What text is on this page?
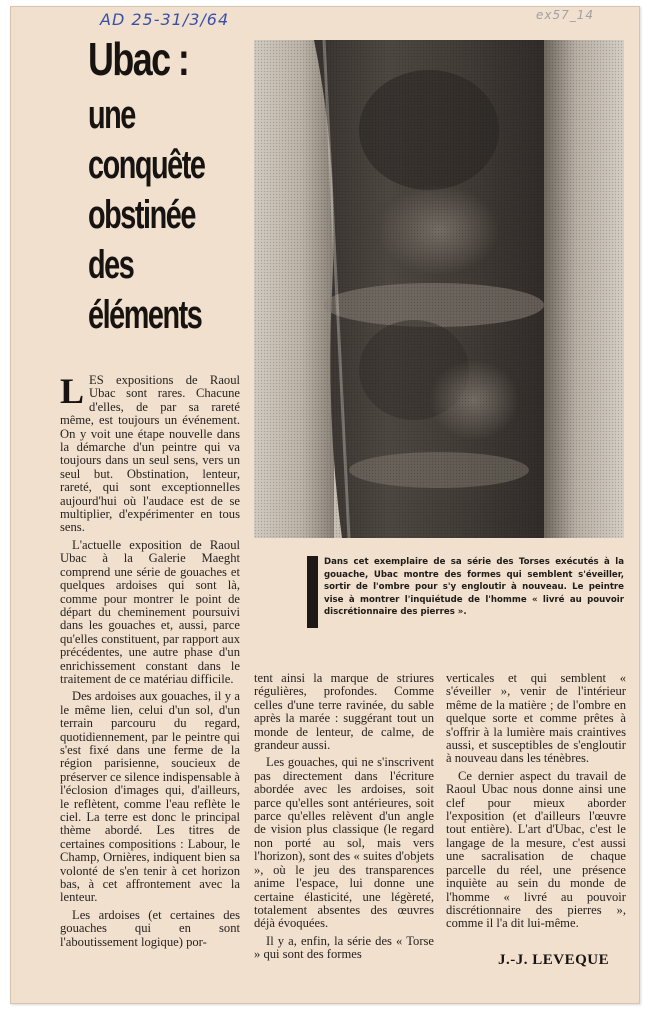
AD 25-31/3/64	ex57_14
Ubac :
une
conquête
obstinée
des
éléments
Dans cet exemplaire de sa série des Torses exécutés à la gouache, Ubac montre des formes qui semblent s'éveiller, sortir de l'ombre pour s'y engloutir à nouveau. Le peintre vise à montrer l'inquiétude de l'homme « livré au pouvoir discrétionnaire des pierres ».

LES expositions de Raoul Ubac sont rares. Chacune d'elles, de par sa rareté même, est toujours un événement. On y voit une étape nouvelle dans la démarche d'un peintre qui va toujours dans un seul sens, vers un seul but. Obstination, lenteur, rareté, qui sont exceptionnelles aujourd'hui où l'audace est de se multiplier, d'expérimenter en tous sens.

L'actuelle exposition de Raoul Ubac à la Galerie Maeght comprend une série de gouaches et quelques ardoises qui sont là, comme pour montrer le point de départ du cheminement poursuivi dans les gouaches et, aussi, parce qu'elles constituent, par rapport aux précédentes, une autre phase d'un enrichissement constant dans le traitement de ce matériau difficile.

Des ardoises aux gouaches, il y a le même lien, celui d'un sol, d'un terrain parcouru du regard, quotidiennement, par le peintre qui s'est fixé dans une ferme de la région parisienne, soucieux de préserver ce silence indispensable à l'éclosion d'images qui, d'ailleurs, le reflètent, comme l'eau reflète le ciel. La terre est donc le principal thème abordé. Les titres de certaines compositions : Labour, le Champ, Ornières, indiquent bien sa volonté de s'en tenir à cet horizon bas, à cet affrontement avec la lenteur.

Les ardoises (et certaines des gouaches qui en sont l'aboutissement logique) por-

tent ainsi la marque de striures régulières, profondes. Comme celles d'une terre ravinée, du sable après la marée : suggérant tout un monde de lenteur, de calme, de grandeur aussi.

Les gouaches, qui ne s'inscrivent pas directement dans l'écriture abordée avec les ardoises, soit parce qu'elles sont antérieures, soit parce qu'elles relèvent d'un angle de vision plus classique (le regard non porté au sol, mais vers l'horizon), sont des « suites d'objets », où le jeu des transparences anime l'espace, lui donne une certaine élasticité, une légèreté, totalement absentes des œuvres déjà évoquées.

Il y a, enfin, la série des « Torse » qui sont des formes

verticales et qui semblent « s'éveiller », venir de l'intérieur même de la matière ; de l'ombre en quelque sorte et comme prêtes à s'offrir à la lumière mais craintives aussi, et susceptibles de s'engloutir à nouveau dans les ténèbres.

Ce dernier aspect du travail de Raoul Ubac nous donne ainsi une clef pour mieux aborder l'exposition (et d'ailleurs l'œuvre tout entière). L'art d'Ubac, c'est le langage de la mesure, c'est aussi une sacralisation de chaque parcelle du réel, une présence inquiète au sein du monde de l'homme « livré au pouvoir discrétionnaire des pierres », comme il l'a dit lui-même.

J.-J. LEVEQUE
